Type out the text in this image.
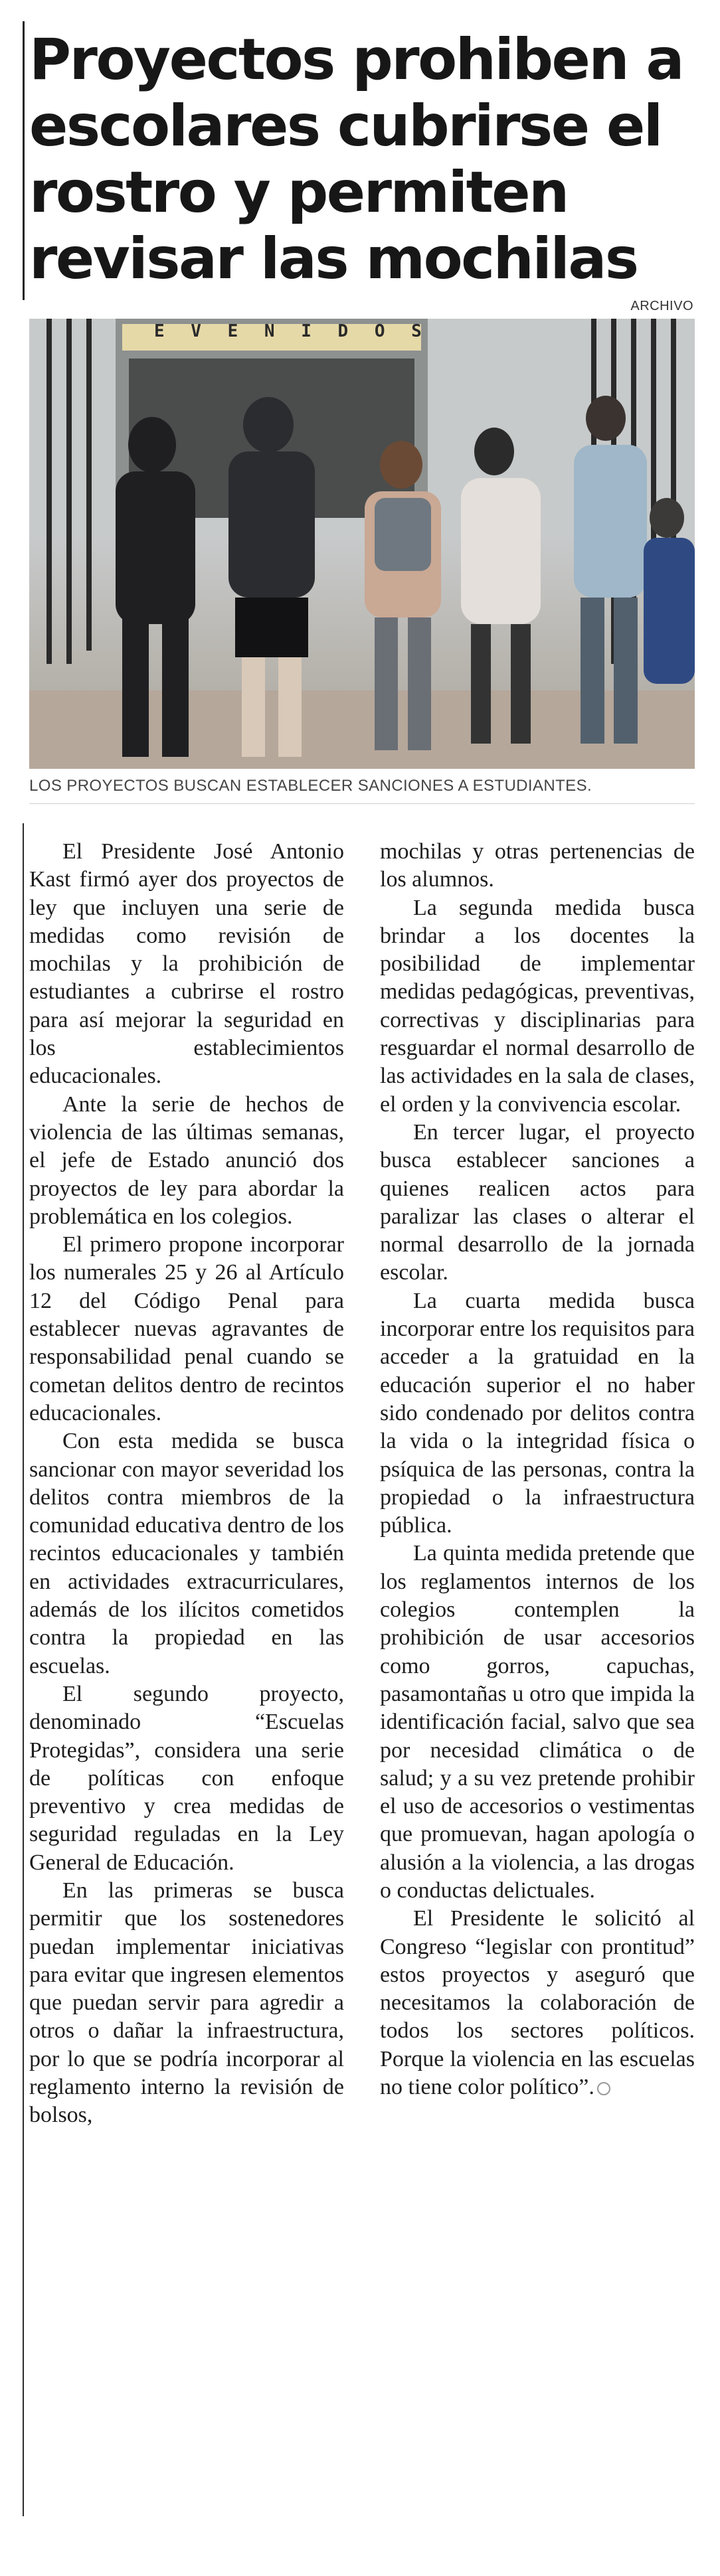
Proyectos prohiben a escolares cubrirse el rostro y permiten revisar las mochilas
ARCHIVO
E V E N I D O S
LOS PROYECTOS BUSCAN ESTABLECER SANCIONES A ESTUDIANTES.

El Presidente José Antonio Kast firmó ayer dos proyectos de ley que incluyen una serie de medidas como revisión de mochilas y la prohibición de estudiantes a cubrirse el rostro para así mejorar la seguridad en los establecimientos educacionales.

Ante la serie de hechos de violencia de las últimas semanas, el jefe de Estado anunció dos proyectos de ley para abordar la problemática en los colegios.

El primero propone incorporar los numerales 25 y 26 al Artículo 12 del Código Penal para establecer nuevas agravantes de responsabilidad penal cuando se cometan delitos dentro de recintos educacionales.

Con esta medida se busca sancionar con mayor severidad los delitos contra miembros de la comunidad educativa dentro de los recintos educacionales y también en actividades extracurriculares, además de los ilícitos cometidos contra la propiedad en las escuelas.

El segundo proyecto, denominado “Escuelas Protegidas”, considera una serie de políticas con enfoque preventivo y crea medidas de seguridad reguladas en la Ley General de Educación.

En las primeras se busca permitir que los sostenedores puedan implementar iniciativas para evitar que ingresen elementos que puedan servir para agredir a otros o dañar la infraestructura, por lo que se podría incorporar al reglamento interno la revisión de bolsos,

mochilas y otras pertenencias de los alumnos.

La segunda medida busca brindar a los docentes la posibilidad de implementar medidas pedagógicas, preventivas, correctivas y disciplinarias para resguardar el normal desarrollo de las actividades en la sala de clases, el orden y la convivencia escolar.

En tercer lugar, el proyecto busca establecer sanciones a quienes realicen actos para paralizar las clases o alterar el normal desarrollo de la jornada escolar.

La cuarta medida busca incorporar entre los requisitos para acceder a la gratuidad en la educación superior el no haber sido condenado por delitos contra la vida o la integridad física o psíquica de las personas, contra la propiedad o la infraestructura pública.

La quinta medida pretende que los reglamentos internos de los colegios contemplen la prohibición de usar accesorios como gorros, capuchas, pasamontañas u otro que impida la identificación facial, salvo que sea por necesidad climática o de salud; y a su vez pretende prohibir el uso de accesorios o vestimentas que promuevan, hagan apología o alusión a la violencia, a las drogas o conductas delictuales.

El Presidente le solicitó al Congreso “legislar con prontitud” estos proyectos y aseguró que necesitamos la colaboración de todos los sectores políticos. Porque la violencia en las escuelas no tiene color político”.
